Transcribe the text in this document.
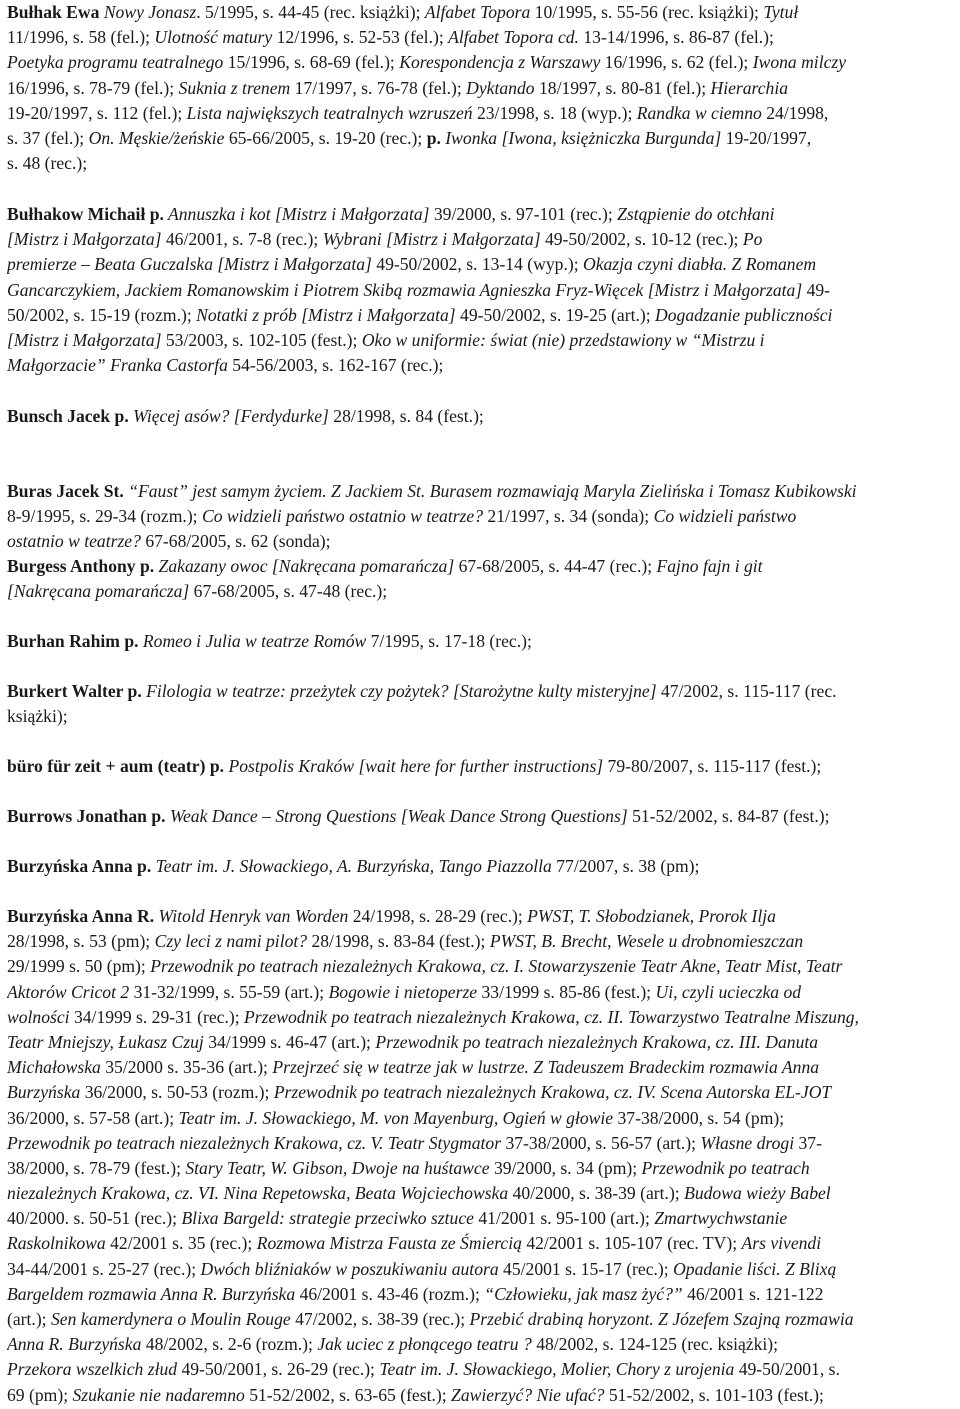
Bułhak Ewa Nowy Jonasz. 5/1995, s. 44-45 (rec. książki); Alfabet Topora 10/1995, s. 55-56 (rec. książki); Tytuł
11/1996, s. 58 (fel.); Ulotność matury 12/1996, s. 52-53 (fel.); Alfabet Topora cd. 13-14/1996, s. 86-87 (fel.);
Poetyka programu teatralnego 15/1996, s. 68-69 (fel.); Korespondencja z Warszawy 16/1996, s. 62 (fel.); Iwona milczy
16/1996, s. 78-79 (fel.); Suknia z trenem 17/1997, s. 76-78 (fel.); Dyktando 18/1997, s. 80-81 (fel.); Hierarchia
19-20/1997, s. 112 (fel.); Lista największych teatralnych wzruszeń 23/1998, s. 18 (wyp.); Randka w ciemno 24/1998,
s. 37 (fel.); On. Męskie/żeńskie 65-66/2005, s. 19-20 (rec.); p. Iwonka [Iwona, księżniczka Burgunda] 19-20/1997,
s. 48 (rec.);
Bułhakow Michaił p. Annuszka i kot [Mistrz i Małgorzata] 39/2000, s. 97-101 (rec.); Zstąpienie do otchłani
[Mistrz i Małgorzata] 46/2001, s. 7-8 (rec.); Wybrani [Mistrz i Małgorzata] 49-50/2002, s. 10-12 (rec.); Po
premierze – Beata Guczalska [Mistrz i Małgorzata] 49-50/2002, s. 13-14 (wyp.); Okazja czyni diabła. Z Romanem
Gancarczykiem, Jackiem Romanowskim i Piotrem Skibą rozmawia Agnieszka Fryz-Więcek [Mistrz i Małgorzata] 49-
50/2002, s. 15-19 (rozm.); Notatki z prób [Mistrz i Małgorzata] 49-50/2002, s. 19-25 (art.); Dogadzanie publiczności
[Mistrz i Małgorzata] 53/2003, s. 102-105 (fest.); Oko w uniformie: świat (nie) przedstawiony w “Mistrzu i
Małgorzacie” Franka Castorfa 54-56/2003, s. 162-167 (rec.);
Bunsch Jacek p. Więcej asów? [Ferdydurke] 28/1998, s. 84 (fest.);
Buras Jacek St. “Faust” jest samym życiem. Z Jackiem St. Burasem rozmawiają Maryla Zielińska i Tomasz Kubikowski
8-9/1995, s. 29-34 (rozm.); Co widzieli państwo ostatnio w teatrze? 21/1997, s. 34 (sonda); Co widzieli państwo
ostatnio w teatrze? 67-68/2005, s. 62 (sonda);
Burgess Anthony p. Zakazany owoc [Nakręcana pomarańcza] 67-68/2005, s. 44-47 (rec.); Fajno fajn i git
[Nakręcana pomarańcza] 67-68/2005, s. 47-48 (rec.);
Burhan Rahim p. Romeo i Julia w teatrze Romów 7/1995, s. 17-18 (rec.);
Burkert Walter p. Filologia w teatrze: przeżytek czy pożytek? [Starożytne kulty misteryjne] 47/2002, s. 115-117 (rec.
książki);
büro für zeit + aum (teatr) p. Postpolis Kraków [wait here for further instructions] 79-80/2007, s. 115-117 (fest.);
Burrows Jonathan p. Weak Dance – Strong Questions [Weak Dance Strong Questions] 51-52/2002, s. 84-87 (fest.);
Burzyńska Anna p. Teatr im. J. Słowackiego, A. Burzyńska, Tango Piazzolla 77/2007, s. 38 (pm);
Burzyńska Anna R. Witold Henryk van Worden 24/1998, s. 28-29 (rec.); PWST, T. Słobodzianek, Prorok Ilja
28/1998, s. 53 (pm); Czy leci z nami pilot? 28/1998, s. 83-84 (fest.); PWST, B. Brecht, Wesele u drobnomieszczan
29/1999 s. 50 (pm); Przewodnik po teatrach niezależnych Krakowa, cz. I. Stowarzyszenie Teatr Akne, Teatr Mist, Teatr
Aktorów Cricot 2 31-32/1999, s. 55-59 (art.); Bogowie i nietoperze 33/1999 s. 85-86 (fest.); Ui, czyli ucieczka od
wolności 34/1999 s. 29-31 (rec.); Przewodnik po teatrach niezależnych Krakowa, cz. II. Towarzystwo Teatralne Miszung,
Teatr Mniejszy, Łukasz Czuj 34/1999 s. 46-47 (art.); Przewodnik po teatrach niezależnych Krakowa, cz. III. Danuta
Michałowska 35/2000 s. 35-36 (art.); Przejrzeć się w teatrze jak w lustrze. Z Tadeuszem Bradeckim rozmawia Anna
Burzyńska 36/2000, s. 50-53 (rozm.); Przewodnik po teatrach niezależnych Krakowa, cz. IV. Scena Autorska EL-JOT
36/2000, s. 57-58 (art.); Teatr im. J. Słowackiego, M. von Mayenburg, Ogień w głowie 37-38/2000, s. 54 (pm);
Przewodnik po teatrach niezależnych Krakowa, cz. V. Teatr Stygmator 37-38/2000, s. 56-57 (art.); Własne drogi 37-
38/2000, s. 78-79 (fest.); Stary Teatr, W. Gibson, Dwoje na huśtawce 39/2000, s. 34 (pm); Przewodnik po teatrach
niezależnych Krakowa, cz. VI. Nina Repetowska, Beata Wojciechowska 40/2000, s. 38-39 (art.); Budowa wieży Babel
40/2000. s. 50-51 (rec.); Blixa Bargeld: strategie przeciwko sztuce 41/2001 s. 95-100 (art.); Zmartwychwstanie
Raskolnikowa 42/2001 s. 35 (rec.); Rozmowa Mistrza Fausta ze Śmiercią 42/2001 s. 105-107 (rec. TV); Ars vivendi
34-44/2001 s. 25-27 (rec.); Dwóch bliźniaków w poszukiwaniu autora 45/2001 s. 15-17 (rec.); Opadanie liści. Z Blixą
Bargeldem rozmawia Anna R. Burzyńska 46/2001 s. 43-46 (rozm.); “Człowieku, jak masz żyć?” 46/2001 s. 121-122
(art.); Sen kamerdynera o Moulin Rouge 47/2002, s. 38-39 (rec.); Przebić drabiną horyzont. Z Józefem Szajną rozmawia
Anna R. Burzyńska 48/2002, s. 2-6 (rozm.); Jak uciec z płonącego teatru ? 48/2002, s. 124-125 (rec. książki);
Przekora wszelkich złud 49-50/2001, s. 26-29 (rec.); Teatr im. J. Słowackiego, Molier, Chory z urojenia 49-50/2001, s.
69 (pm); Szukanie nie nadaremno 51-52/2002, s. 63-65 (fest.); Zawierzyć? Nie ufać? 51-52/2002, s. 101-103 (fest.);
